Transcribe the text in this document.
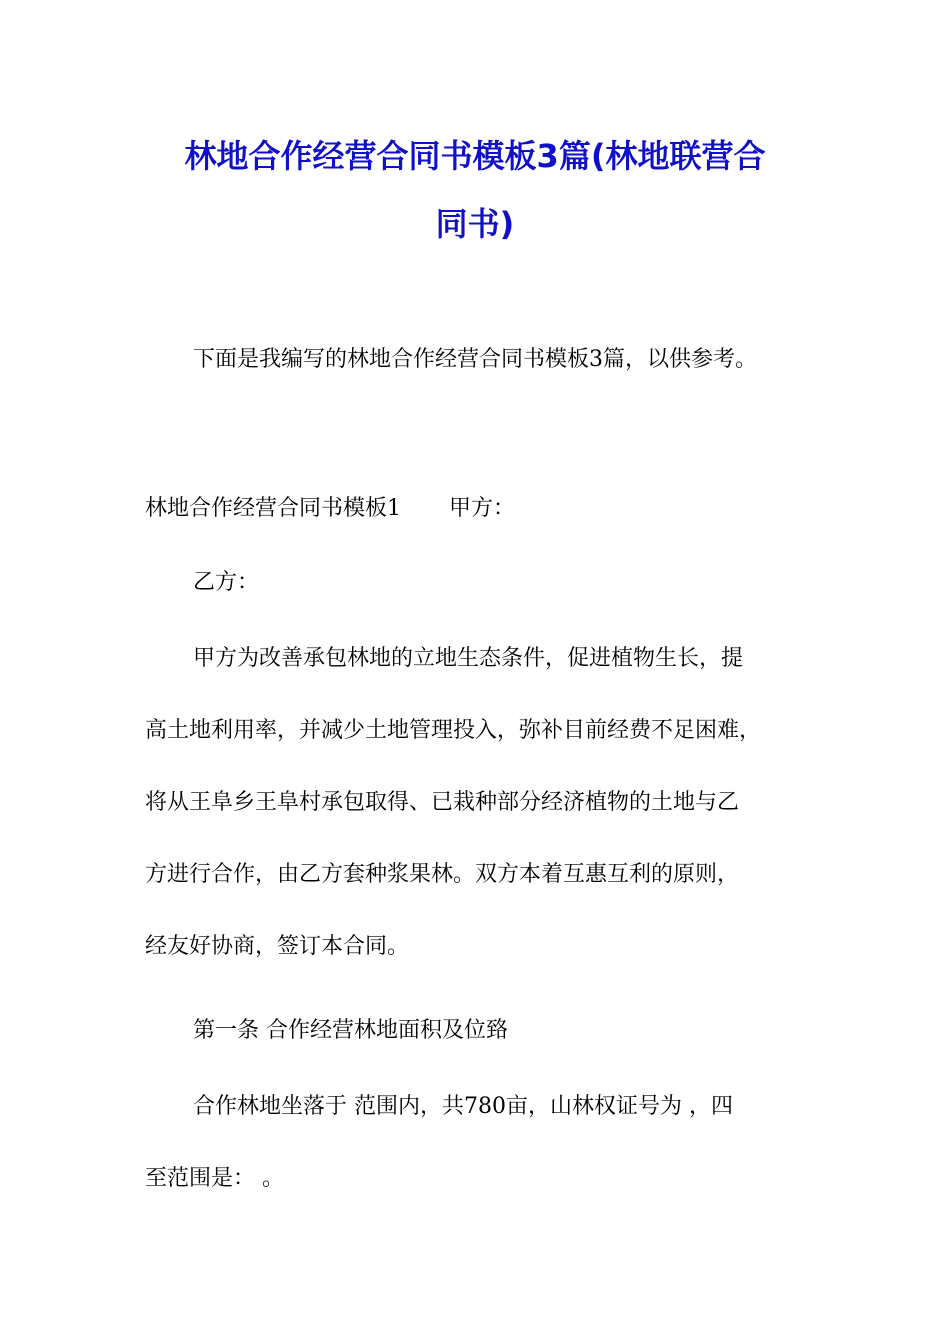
林地合作经营合同书模板3篇(林地联营合
同书)

下面是我编写的林地合作经营合同书模板3篇，以供参考。

林地合作经营合同书模板1 甲方：

乙方：

甲方为改善承包林地的立地生态条件，促进植物生长，提
高土地利用率，并减少土地管理投入，弥补目前经费不足困难，
将从王阜乡王阜村承包取得、已栽种部分经济植物的土地与乙
方进行合作，由乙方套种浆果林。双方本着互惠互利的原则，
经友好协商，签订本合同。

第一条 合作经营林地面积及位臵

合作林地坐落于 范围内，共780亩，山林权证号为 ，四
至范围是： 。
